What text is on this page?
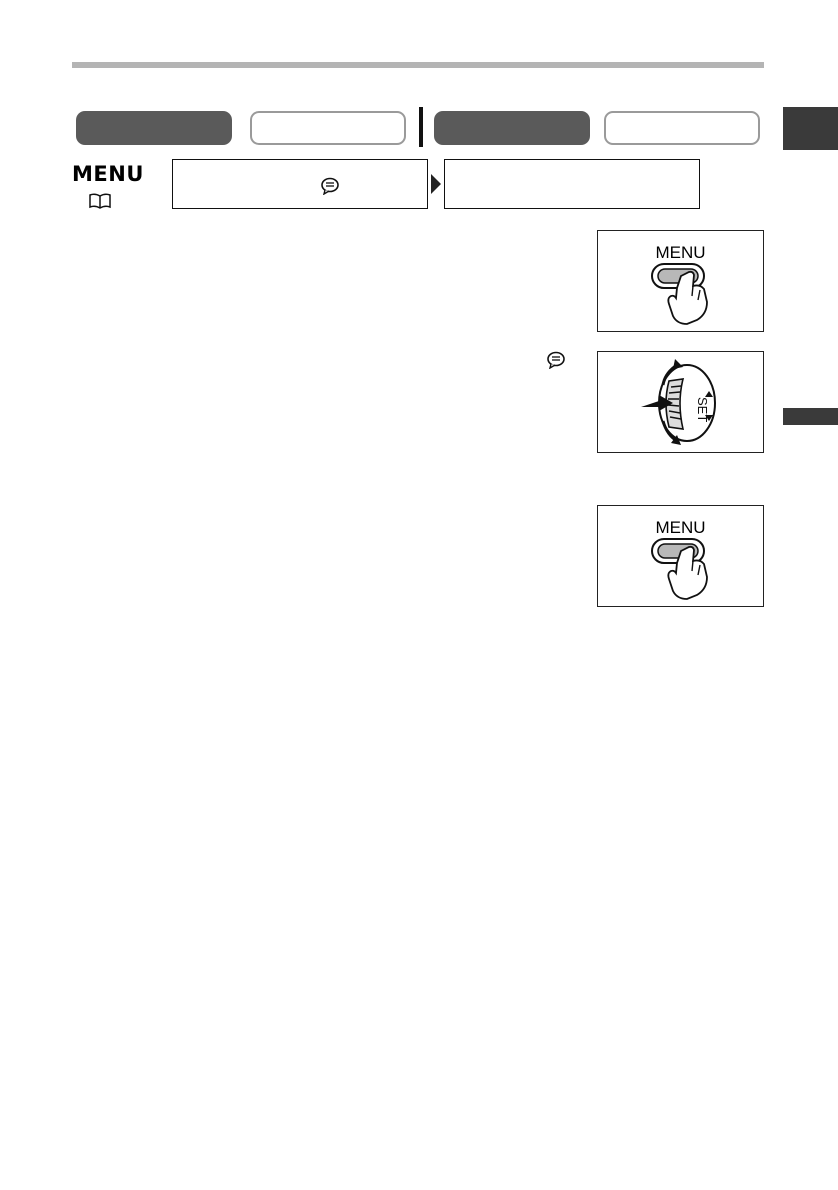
MENU
MENU
SET
MENU
